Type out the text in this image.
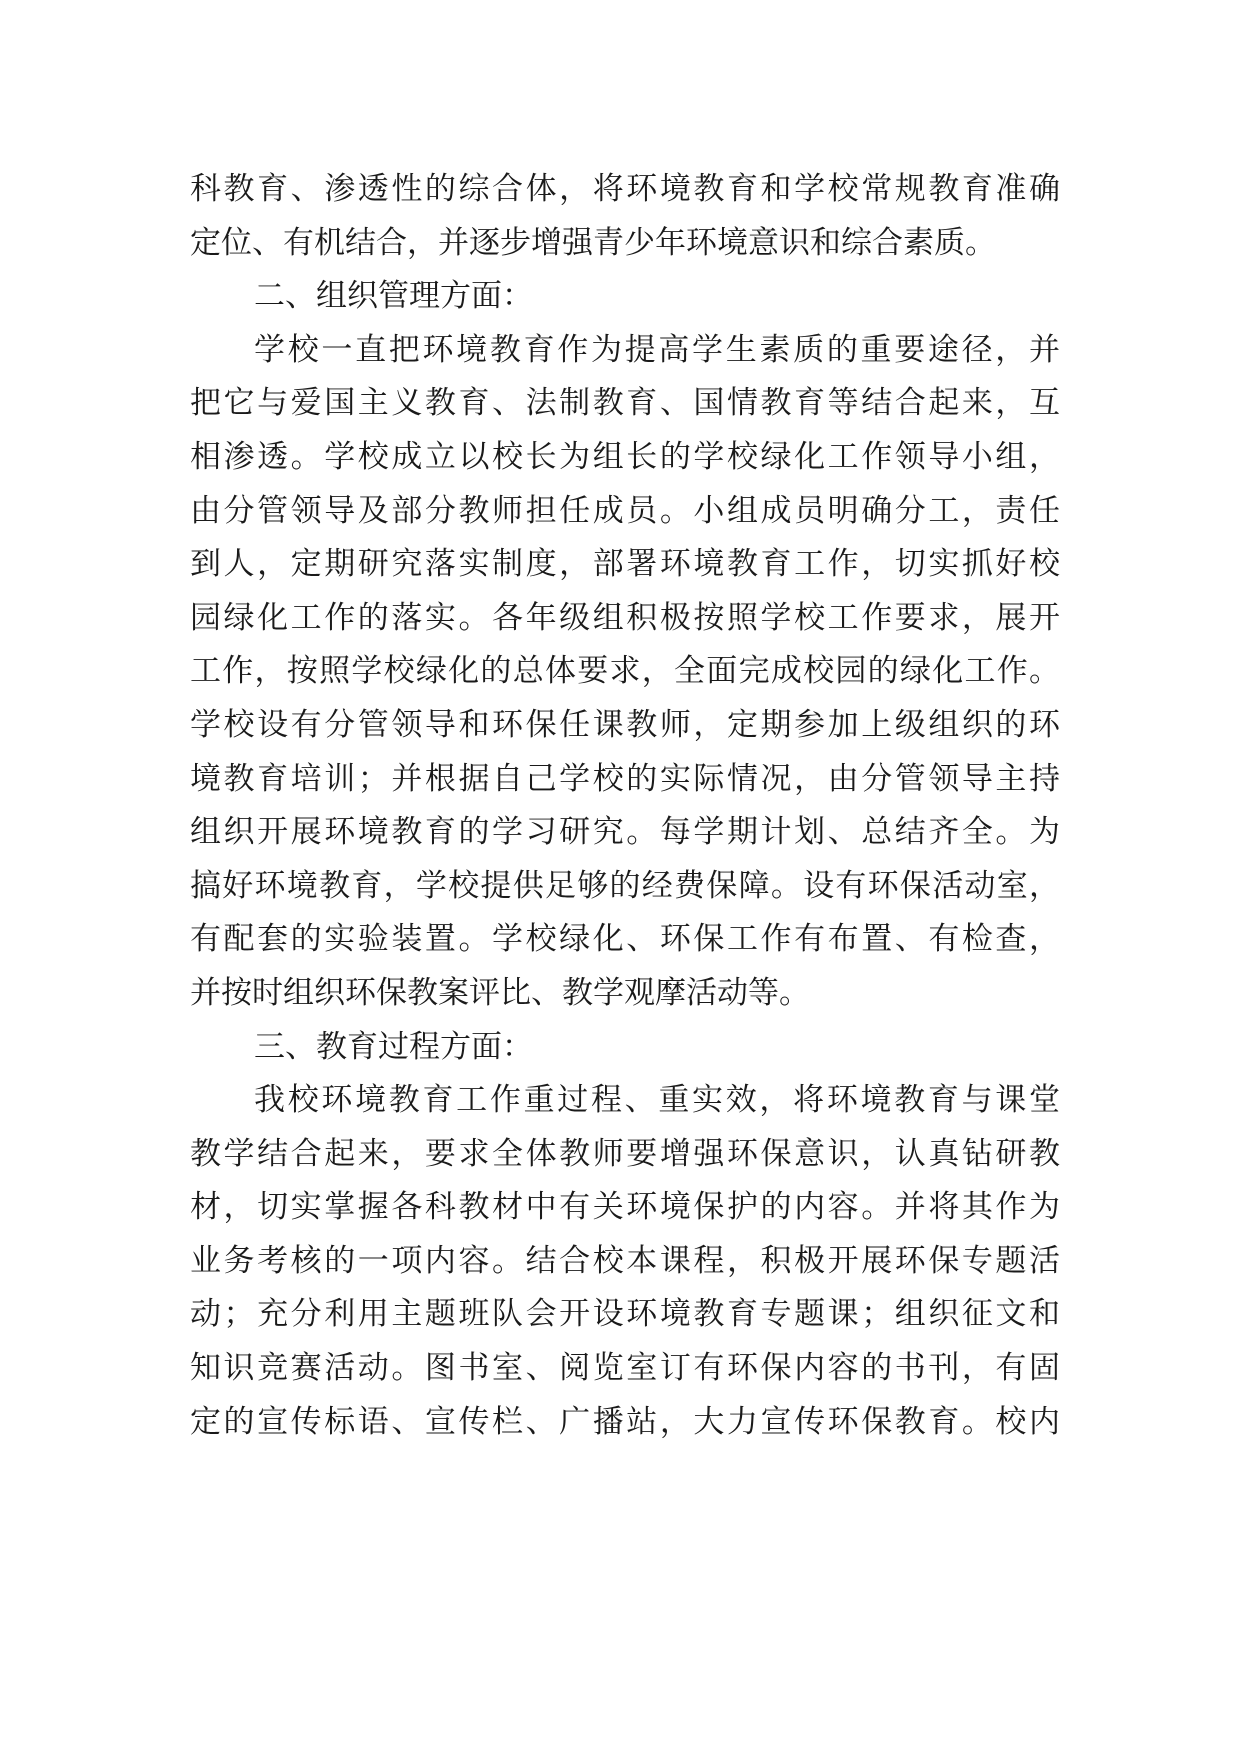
科教育、渗透性的综合体，将环境教育和学校常规教育准确
定位、有机结合，并逐步增强青少年环境意识和综合素质。
二、组织管理方面：
学校一直把环境教育作为提高学生素质的重要途径，并
把它与爱国主义教育、法制教育、国情教育等结合起来，互
相渗透。学校成立以校长为组长的学校绿化工作领导小组，
由分管领导及部分教师担任成员。小组成员明确分工，责任
到人，定期研究落实制度，部署环境教育工作，切实抓好校
园绿化工作的落实。各年级组积极按照学校工作要求，展开
工作，按照学校绿化的总体要求，全面完成校园的绿化工作。
学校设有分管领导和环保任课教师，定期参加上级组织的环
境教育培训；并根据自己学校的实际情况，由分管领导主持
组织开展环境教育的学习研究。每学期计划、总结齐全。为
搞好环境教育，学校提供足够的经费保障。设有环保活动室，
有配套的实验装置。学校绿化、环保工作有布置、有检查，
并按时组织环保教案评比、教学观摩活动等。
三、教育过程方面：
我校环境教育工作重过程、重实效，将环境教育与课堂
教学结合起来，要求全体教师要增强环保意识，认真钻研教
材，切实掌握各科教材中有关环境保护的内容。并将其作为
业务考核的一项内容。结合校本课程，积极开展环保专题活
动；充分利用主题班队会开设环境教育专题课；组织征文和
知识竞赛活动。图书室、阅览室订有环保内容的书刊，有固
定的宣传标语、宣传栏、广播站，大力宣传环保教育。校内
